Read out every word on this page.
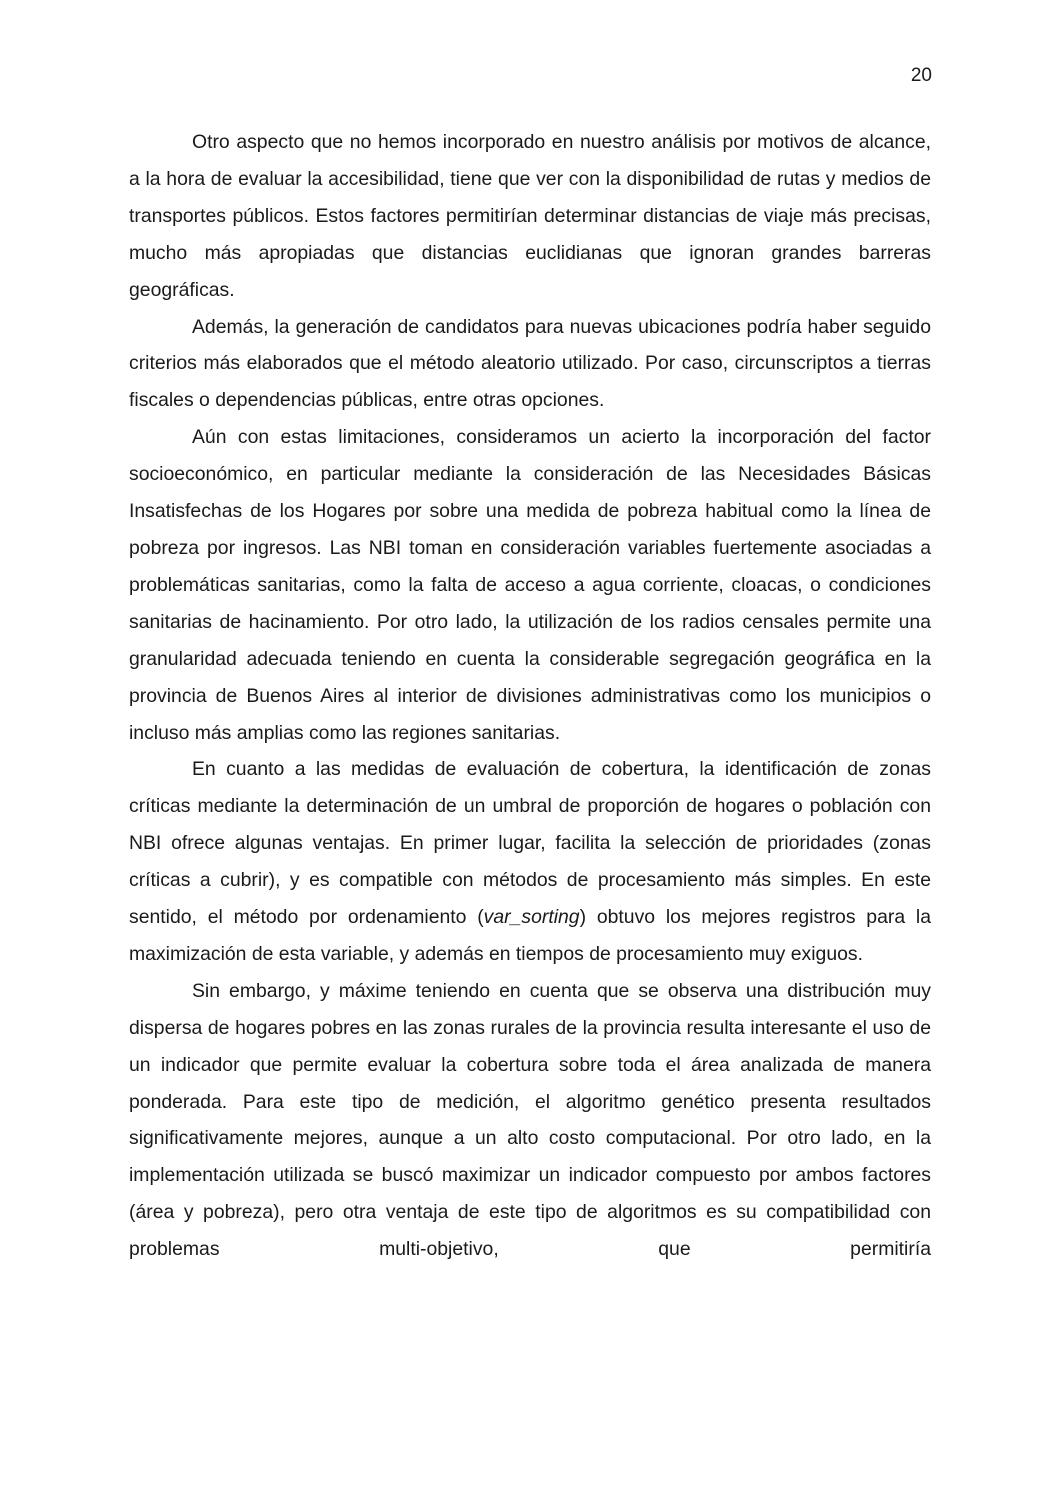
20

Otro aspecto que no hemos incorporado en nuestro análisis por motivos de alcance, a la hora de evaluar la accesibilidad, tiene que ver con la disponibilidad de rutas y medios de transportes públicos. Estos factores permitirían determinar distancias de viaje más precisas, mucho más apropiadas que distancias euclidianas que ignoran grandes barreras geográficas.

Además, la generación de candidatos para nuevas ubicaciones podría haber seguido criterios más elaborados que el método aleatorio utilizado. Por caso, circunscriptos a tierras fiscales o dependencias públicas, entre otras opciones.

Aún con estas limitaciones, consideramos un acierto la incorporación del factor socioeconómico, en particular mediante la consideración de las Necesidades Básicas Insatisfechas de los Hogares por sobre una medida de pobreza habitual como la línea de pobreza por ingresos. Las NBI toman en consideración variables fuertemente asociadas a problemáticas sanitarias, como la falta de acceso a agua corriente, cloacas, o condiciones sanitarias de hacinamiento. Por otro lado, la utilización de los radios censales permite una granularidad adecuada teniendo en cuenta la considerable segregación geográfica en la provincia de Buenos Aires al interior de divisiones administrativas como los municipios o incluso más amplias como las regiones sanitarias.

En cuanto a las medidas de evaluación de cobertura, la identificación de zonas críticas mediante la determinación de un umbral de proporción de hogares o población con NBI ofrece algunas ventajas. En primer lugar, facilita la selección de prioridades (zonas críticas a cubrir), y es compatible con métodos de procesamiento más simples. En este sentido, el método por ordenamiento (var_sorting) obtuvo los mejores registros para la maximización de esta variable, y además en tiempos de procesamiento muy exiguos.

Sin embargo, y máxime teniendo en cuenta que se observa una distribución muy dispersa de hogares pobres en las zonas rurales de la provincia resulta interesante el uso de un indicador que permite evaluar la cobertura sobre toda el área analizada de manera ponderada. Para este tipo de medición, el algoritmo genético presenta resultados significativamente mejores, aunque a un alto costo computacional. Por otro lado, en la implementación utilizada se buscó maximizar un indicador compuesto por ambos factores (área y pobreza), pero otra ventaja de este tipo de algoritmos es su compatibilidad con problemas multi-objetivo, que permitiría
